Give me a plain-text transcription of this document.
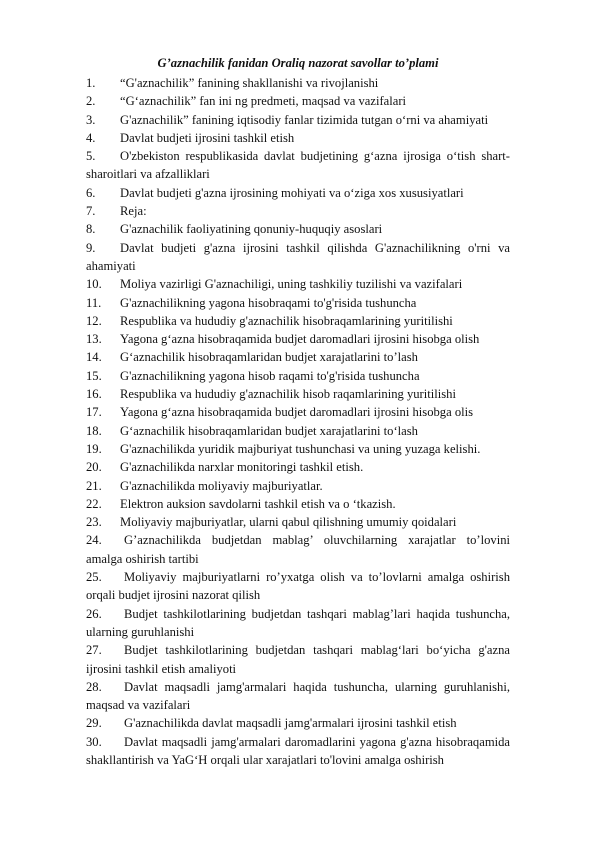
G’aznachilik fanidan Oraliq nazorat savollar to’plami
1. “G'aznachilik” fanining shakllanishi va rivojlanishi
2. “G‘aznachilik” fan ini ng predmeti, maqsad va vazifalari
3. G'aznachilik” fanining iqtisodiy fanlar tizimida tutgan o‘rni va ahamiyati
4. Davlat budjeti ijrosini tashkil etish
5. O'zbekiston respublikasida davlat budjetining g‘azna ijrosiga o‘tish shart-sharoitlari va afzalliklari
6. Davlat budjeti g'azna ijrosining mohiyati va o‘ziga xos xususiyatlari
7. Reja:
8. G'aznachilik faoliyatining qonuniy-huquqiy asoslari
9. Davlat budjeti g'azna ijrosini tashkil qilishda G'aznachilikning o'rni va ahamiyati
10. Moliya vazirligi G'aznachiligi, uning tashkiliy tuzilishi va vazifalari
11. G'aznachilikning yagona hisobraqami to'g'risida tushuncha
12. Respublika va hududiy g'aznachilik hisobraqamlarining yuritilishi
13. Yagona g‘azna hisobraqamida budjet daromadlari ijrosini hisobga olish
14. G‘aznachilik hisobraqamlaridan budjet xarajatlarini to’lash
15. G'aznachilikning yagona hisob raqami to'g'risida tushuncha
16. Respublika va hududiy g'aznachilik hisob raqamlarining yuritilishi
17. Yagona g‘azna hisobraqamida budjet daromadlari ijrosini hisobga olis
18. G‘aznachilik hisobraqamlaridan budjet xarajatlarini to‘lash
19. G'aznachilikda yuridik majburiyat tushunchasi va uning yuzaga kelishi.
20. G'aznachilikda narxlar monitoringi tashkil etish.
21. G'aznachilikda moliyaviy majburiyatlar.
22. Elektron auksion savdolarni tashkil etish va o ‘tkazish.
23. Moliyaviy majburiyatlar, ularni qabul qilishning umumiy qoidalari
24. G’aznachilikda budjetdan mablag’ oluvchilarning xarajatlar to’lovini amalga oshirish tartibi
25. Moliyaviy majburiyatlarni ro’yxatga olish va to’lovlarni amalga oshirish orqali budjet ijrosini nazorat qilish
26. Budjet tashkilotlarining budjetdan tashqari mablag’lari haqida tushuncha, ularning guruhlanishi
27. Budjet tashkilotlarining budjetdan tashqari mablag‘lari bo‘yicha g'azna ijrosini tashkil etish amaliyoti
28. Davlat maqsadli jamg'armalari haqida tushuncha, ularning guruhlanishi, maqsad va vazifalari
29. G'aznachilikda davlat maqsadli jamg'armalari ijrosini tashkil etish
30. Davlat maqsadli jamg'armalari daromadlarini yagona g'azna hisobraqamida shakllantirish va YaG‘H orqali ular xarajatlari to'lovini amalga oshirish
